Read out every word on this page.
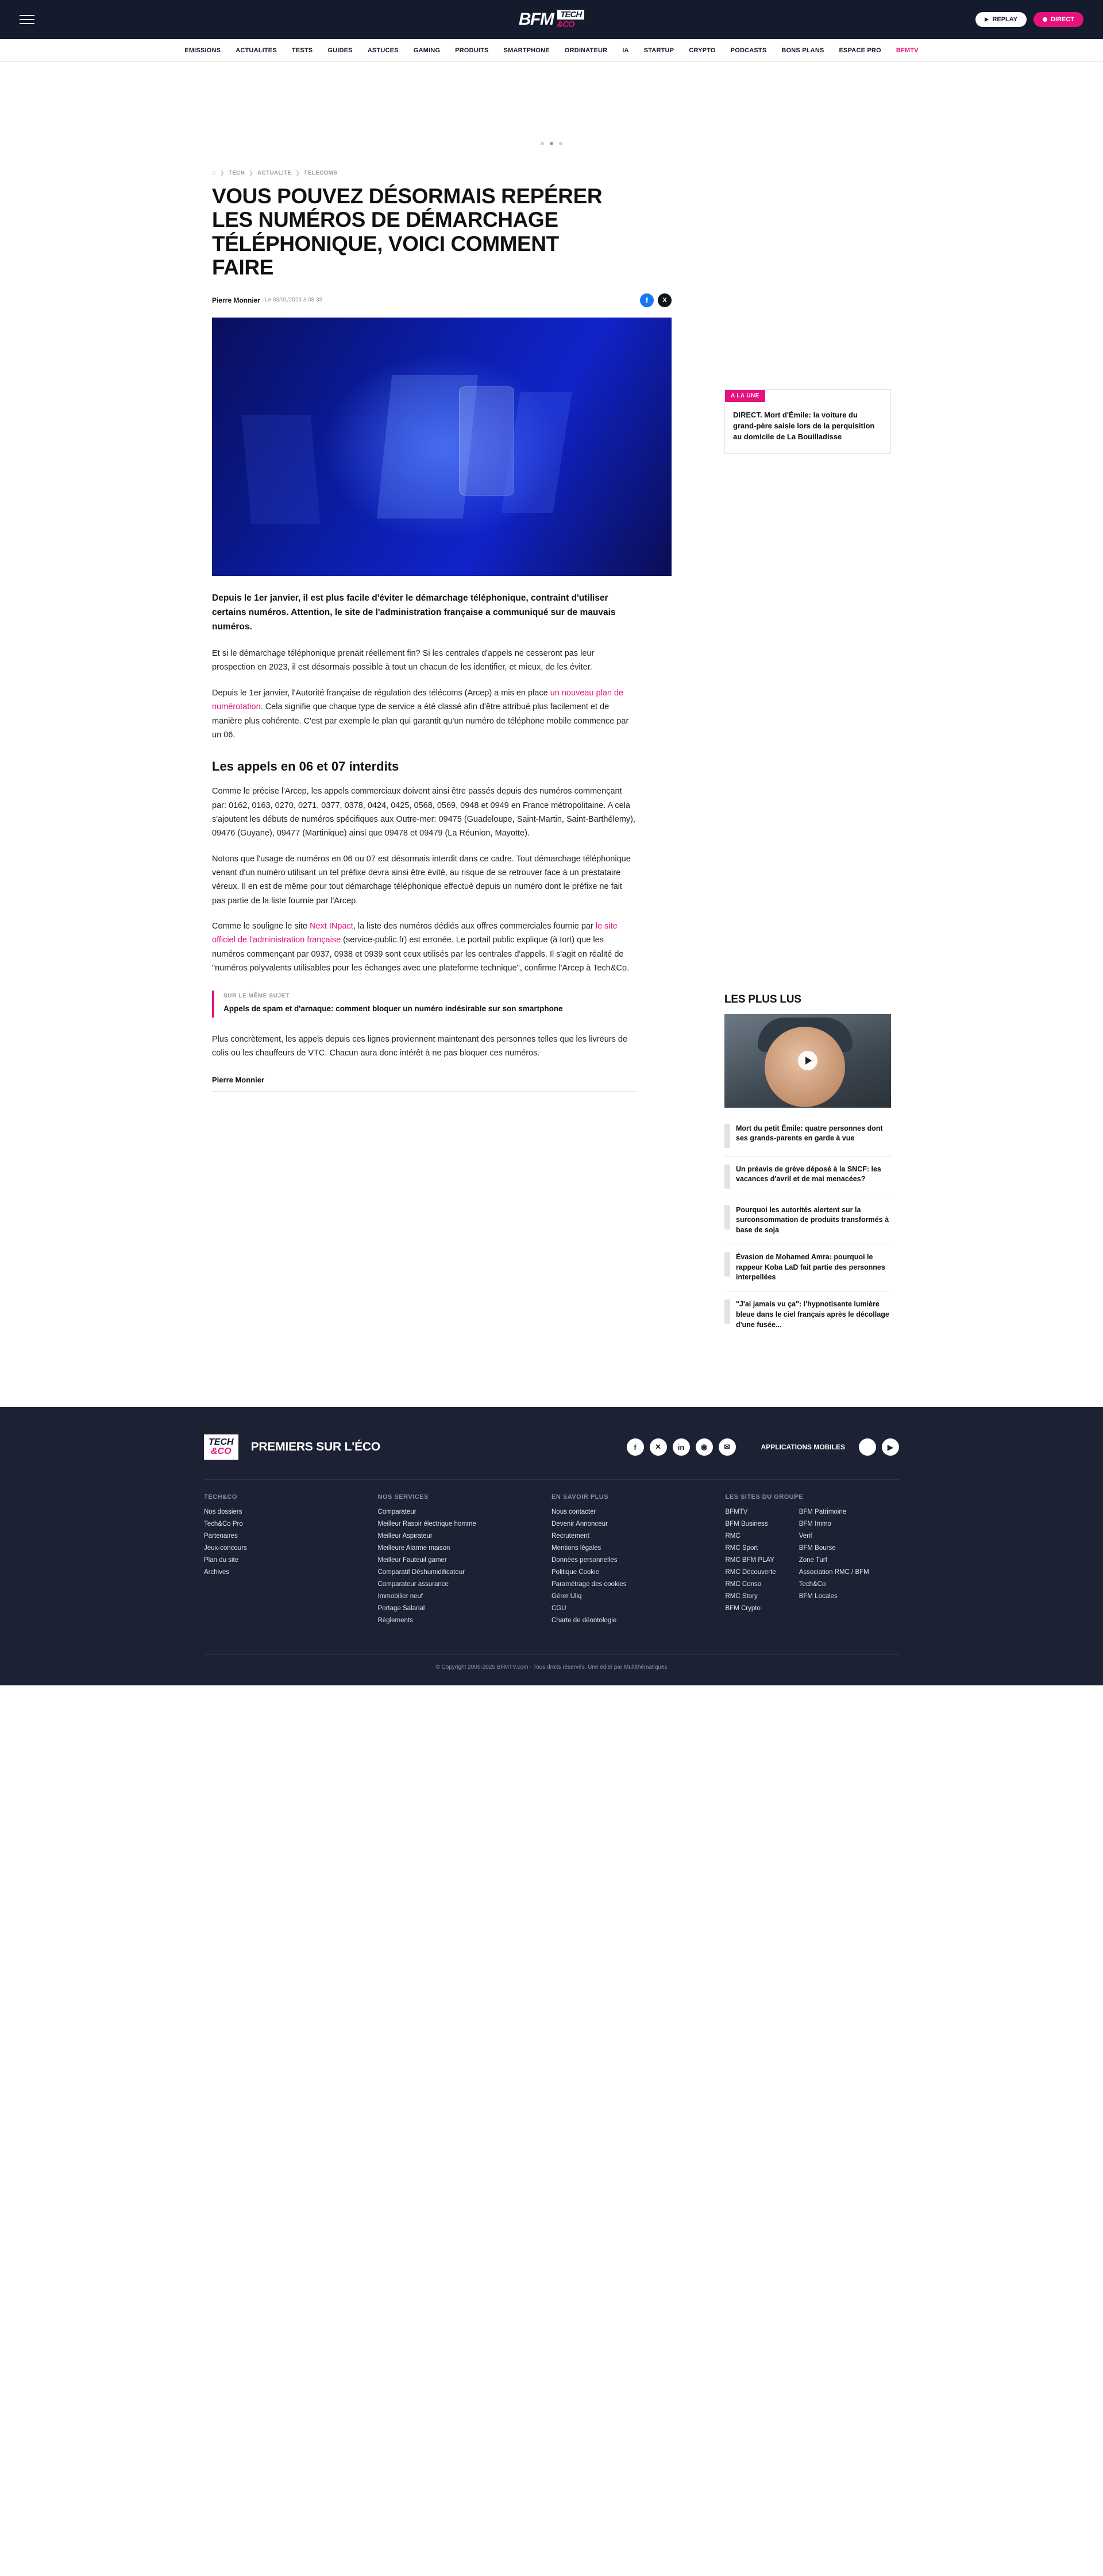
BFM TECH
&CO	REPLAY	DIRECT
EMISSIONS ACTUALITES TESTS GUIDES ASTUCES GAMING PRODUITS SMARTPHONE ORDINATEUR IA STARTUP CRYPTO PODCASTS BONS PLANS ESPACE PRO BFMTV
⌂ ❯ TECH ❯ ACTUALITE ❯ TELECOMS
VOUS POUVEZ DÉSORMAIS REPÉRER LES NUMÉROS DE DÉMARCHAGE TÉLÉPHONIQUE, VOICI COMMENT FAIRE
Pierre Monnier Le 03/01/2023 à 08:38	f	X

Depuis le 1er janvier, il est plus facile d'éviter le démarchage téléphonique, contraint d'utiliser certains numéros. Attention, le site de l'administration française a communiqué sur de mauvais numéros.

Et si le démarchage téléphonique prenait réellement fin? Si les centrales d'appels ne cesseront pas leur prospection en 2023, il est désormais possible à tout un chacun de les identifier, et mieux, de les éviter.

Depuis le 1er janvier, l'Autorité française de régulation des télécoms (Arcep) a mis en place un nouveau plan de numérotation. Cela signifie que chaque type de service a été classé afin d'être attribué plus facilement et de manière plus cohérente. C'est par exemple le plan qui garantit qu'un numéro de téléphone mobile commence par un 06.

Les appels en 06 et 07 interdits

Comme le précise l'Arcep, les appels commerciaux doivent ainsi être passés depuis des numéros commençant par: 0162, 0163, 0270, 0271, 0377, 0378, 0424, 0425, 0568, 0569, 0948 et 0949 en France métropolitaine. A cela s'ajoutent les débuts de numéros spécifiques aux Outre-mer: 09475 (Guadeloupe, Saint-Martin, Saint-Barthélemy), 09476 (Guyane), 09477 (Martinique) ainsi que 09478 et 09479 (La Réunion, Mayotte).

Notons que l'usage de numéros en 06 ou 07 est désormais interdit dans ce cadre. Tout démarchage téléphonique venant d'un numéro utilisant un tel préfixe devra ainsi être évité, au risque de se retrouver face à un prestataire véreux. Il en est de même pour tout démarchage téléphonique effectué depuis un numéro dont le préfixe ne fait pas partie de la liste fournie par l'Arcep.

Comme le souligne le site Next INpact, la liste des numéros dédiés aux offres commerciales fournie par le site officiel de l'administration française (service-public.fr) est erronée. Le portail public explique (à tort) que les numéros commençant par 0937, 0938 et 0939 sont ceux utilisés par les centrales d'appels. Il s'agit en réalité de "numéros polyvalents utilisables pour les échanges avec une plateforme technique", confirme l'Arcep à Tech&Co.

SUR LE MÊME SUJET
Appels de spam et d'arnaque: comment bloquer un numéro indésirable sur son smartphone

Plus concrètement, les appels depuis ces lignes proviennent maintenant des personnes telles que les livreurs de colis ou les chauffeurs de VTC. Chacun aura donc intérêt à ne pas bloquer ces numéros.

Pierre Monnier
A LA UNE

DIRECT. Mort d'Émile: la voiture du grand-père saisie lors de la perquisition au domicile de La Bouilladisse

LES PLUS LUS

Mort du petit Émile: quatre personnes dont ses grands-parents en garde à vue

Un préavis de grève déposé à la SNCF: les vacances d'avril et de mai menacées?

Pourquoi les autorités alertent sur la surconsommation de produits transformés à base de soja

Évasion de Mohamed Amra: pourquoi le rappeur Koba LaD fait partie des personnes interpellées

"J'ai jamais vu ça": l'hypnotisante lumière bleue dans le ciel français après le décollage d'une fusée...

TECH
&CO PREMIERS SUR L'ÉCO	f	✕	in	◉	✉	APPLICATIONS MOBILES	▶
TECH&CO
Nos dossiers
Tech&Co Pro
Partenaires
Jeux-concours
Plan du site
Archives
NOS SERVICES
Comparateur
Meilleur Rasoir électrique homme
Meilleur Aspirateur
Meilleure Alarme maison
Meilleur Fauteuil gamer
Comparatif Déshumidificateur
Comparateur assurance
Immobilier neuf
Portage Salarial
Règlements
EN SAVOIR PLUS
Nous contacter
Devenir Annonceur
Recrutement
Mentions légales
Données personnelles
Politique Cookie
Paramétrage des cookies
Gérer Uliq
CGU
Charte de déontologie
LES SITES DU GROUPE
BFMTV
BFM Business
RMC
RMC Sport
RMC BFM PLAY
RMC Découverte
RMC Conso
RMC Story
BFM Crypto
BFM Patrimoine
BFM Immo
Verif
BFM Bourse
Zone Turf
Association RMC / BFM
Tech&Co
BFM Locales
© Copyright 2006-2025 BFMTV.com - Tous droits réservés. Une édité par Multithématiques
